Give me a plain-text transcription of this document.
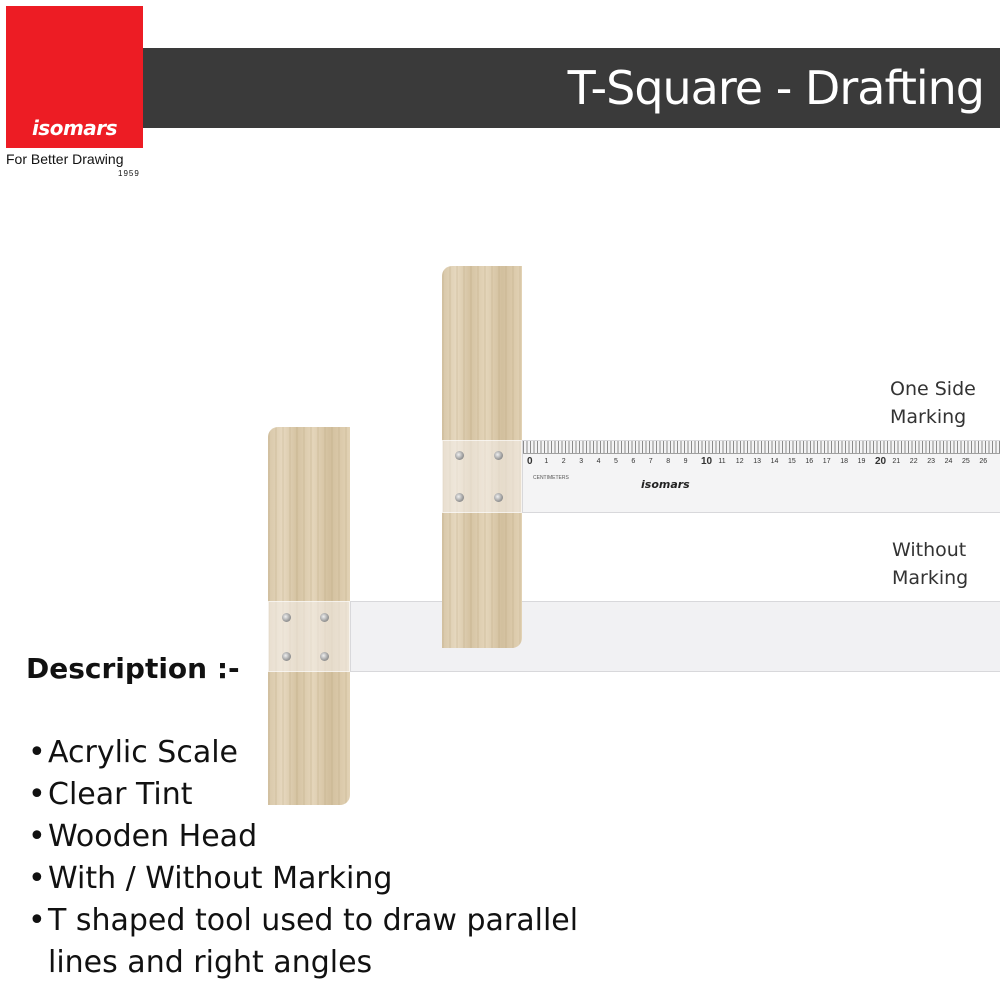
isomars
For Better Drawing
1959
T-Square - Drafting
0 1 2 3 4 5 6 7 8 9 10 11 12 13 14 15 16 17 18 19 20 21 22 23 24 25 26
CENTIMETERS	isomars
One Side
Marking
Without
Marking
Description :-
• Acrylic Scale
• Clear Tint
• Wooden Head
• With / Without Marking
• T shaped tool used to draw parallel lines and right angles
